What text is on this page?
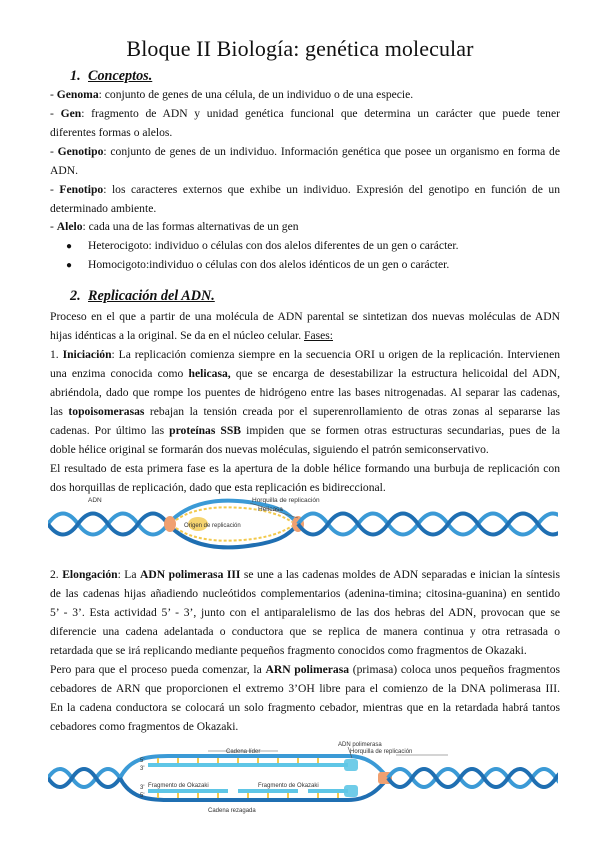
Bloque II Biología: genética molecular
1. Conceptos.
- Genoma: conjunto de genes de una célula, de un individuo o de una especie.
- Gen: fragmento de ADN y unidad genética funcional que determina un carácter que puede tener
diferentes formas o alelos.
- Genotipo: conjunto de genes de un individuo. Información genética que posee un organismo en forma de
ADN.
- Fenotipo: los caracteres externos que exhibe un individuo. Expresión del genotipo en función de un
determinado ambiente.
- Alelo: cada una de las formas alternativas de un gen
● Heterocigoto: individuo o células con dos alelos diferentes de un gen o carácter.
● Homocigoto:individuo o células con dos alelos idénticos de un gen o carácter.
2. Replicación del ADN.
Proceso en el que a partir de una molécula de ADN parental se sintetizan dos nuevas moléculas de ADN
hijas idénticas a la original. Se da en el núcleo celular. Fases:
1. Iniciación: La replicación comienza siempre en la secuencia ORI u origen de la replicación. Intervienen
una enzima conocida como helicasa, que se encarga de desestabilizar la estructura helicoidal del ADN,
abriéndola, dado que rompe los puentes de hidrógeno entre las bases nitrogenadas. Al separar las cadenas,
las topoisomerasas rebajan la tensión creada por el superenrollamiento de otras zonas al separarse las
cadenas. Por último las proteínas SSB impiden que se formen otras estructuras secundarias, pues de la
doble hélice original se formarán dos nuevas moléculas, siguiendo el patrón semiconservativo.
El resultado de esta primera fase es la apertura de la doble hélice formando una burbuja de replicación con
dos horquillas de replicación, dado que esta replicación es bidireccional.
ADN	Horquilla de replicación
Helicasa
Origen de replicación
2. Elongación: La ADN polimerasa III se une a las cadenas moldes de ADN separadas e inician la síntesis
de las cadenas hijas añadiendo nucleótidos complementarios (adenina-timina; citosina-guanina) en sentido
5’ - 3’. Esta actividad 5’ - 3’, junto con el antiparalelismo de las dos hebras del ADN, provocan que se
diferencie una cadena adelantada o conductora que se replica de manera continua y otra retrasada o
retardada que se irá replicando mediante pequeños fragmento conocidos como fragmentos de Okazaki.
Pero para que el proceso pueda comenzar, la ARN polimerasa (primasa) coloca unos pequeños fragmentos
cebadores de ARN que proporcionen el extremo 3’OH libre para el comienzo de la DNA polimerasa III.
En la cadena conductora se colocará un solo fragmento cebador, mientras que en la retardada habrá tantos
cebadores como fragmentos de Okazaki.
ADN polimerasa
Cadena líder	Horquilla de replicación
Fragmento de Okazaki	Fragmento de Okazaki
Cadena rezagada
5'
3'
3'
5'
